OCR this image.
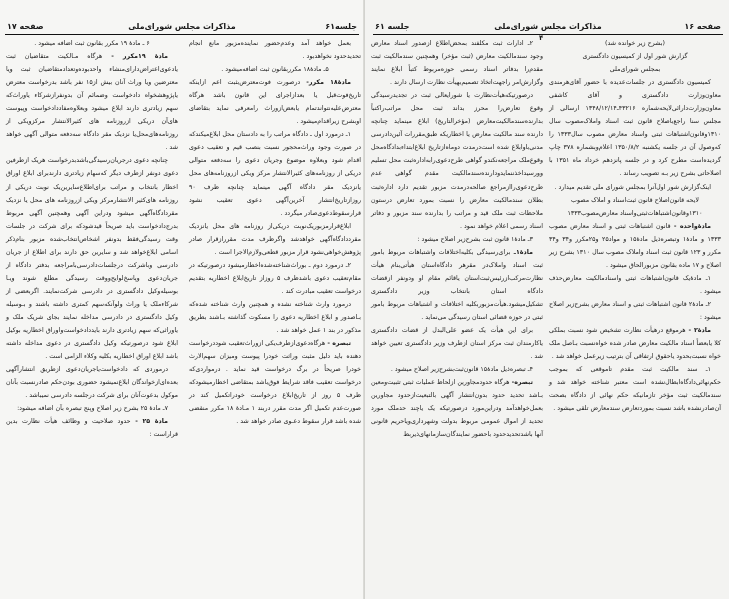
جلسه۶۱
مذاکرات مجلس شورای‌ملی
صفحه ۱۷

بعمل خواهد آمد وعدم‌حضور نماینده‌مزبور مانع انجام تحدیدحدود نخواهدبود .

۵ـ مادۀ۱۸ مکرربقانون ثبت اضافه‌میشود .

مادۀ۱۸ مکرر- درصورت فوت‌معترض‌بثبت اعم ازاینکه تاریخ‌فوت‌قبل یا بعدازاجرای این قانون باشد هرگاه معترض‌علیه‌نتواندتمام یابعض‌ازوراث رامعرفی نماید بتقاضای اوبشرح زیراقدام‌میشود .

۱ـ درمورد اول ـ دادگاه مراتب را به دادستان محل ابلاغ‌میکندکه در صورت وجود وراث‌محجور نسبت بنصب قیم و تعقیب دعوی اقدام شود وبعلاوه موضوع وجریان دعوی را سه‌دفعه متوالی دریکی از روزنامه‌های کثیرالانتشار مرکز ویکی ازروزنامه‌های محل یانزدیک مقر دادگاه آگهی مینماید چنانچه ظرف ۹۰ روزازتاریخ‌انتشار آخرین‌آگهی دعوی تعقیب نشود قرارسقوط‌دعوی‌صادر میگردد .

ابلاغ‌قرارمزبوریک‌نوبت دریکی‌از روزنامه های محل یانزدیک مقرددادگاه‌آگهی خواهدشد واگرظرف مدت مقرراز‌قرار صادر پژوهش‌خواهی‌نشود قرار مزبور قطعی‌ولازم‌الاجرا است .

۲ـ درمورد دوم ـ بوراث‌شناخته‌شده‌اخطارمیشود درصورتیکه در مقام‌تعقیب دعوی باشدظرف ۵ روزاز تاریخ‌ابلاغ اخطاریه بتقدیم درخواست تعقیب مبادرت کند .

درمورد وارث شناخته نشده و همچنین وارث شناخته شده‌که بـاصدور و ابلاغ اخطاریه دعوی را مسکوت گذاشته بـاشند بطریق مذکور در بند ۱ عمل خواهد شد .

تبصره - هرگاه‌دعوی‌ازطرف‌یکی ازوراث‌تعقیب شود‌درخواست دهنده باید دلیل مثبت وراثت خودرا پیوست ومیزان سهم‌الارث خودرا صریحاً در برگ درخواست قید نماید . درمواردی‌که درخواست تعقیب فاقد شرایط فوق‌باشد بمتقاضی اخطارمیشودکه ظرف ۵ روز از تاریخ‌ابلاغ درخواست خودراتکمیل کند در صورت‌عدم تکمیل اگر مدت مقرر دربند ۱ مـادۀ ۱۸ مکرر منقضی شده باشد قرار سقوط دعـوی صادر خواهد شد .

۶ ـ مادۀ ۱۹ مکرر بقانون ثبت اضافه میشود .

مادۀ ۱۹مکرر - هرگاه مـالکیت متقاضیان ثبت یادعوی‌اعتراض‌دارای‌منشاء واحدبوده‌وتعدادمتقاضیان ثبت ویا معترضین ویا وراث آنان بیش از۱۵ نفر باشد بدرخواست معترض یاپژوهشخواه دادخواست وضمائم آن بدونفرازشرکاء یاوراث‌که سهم زیادتری دارند ابلاغ میشود وبعلاوه‌مفاددادخواست وپیوست های‌آن دریکی ازروزنامه های کثیرالانتشار مرکزویکی از روزنامه‌های‌محل‌یا نزدیک مقر دادگاه سه‌دفعه متوالی آگهی خواهد شد .

چنانچه دعوی درجریان‌رسیدگی‌باشدبدرخواست هریک ازطرفین دعوی دونفر ازطرف دیگر که‌سهام زیادتری دارندبرای ابلاغ اوراق اخطار بانتخاب و مراتب برای‌اطلاع‌سایرین‌یک نوبت دریکی از روزنامه های‌کثیر الانتشارمرکز ویکی ازروزنامه های محل یا نزدیک مقردادگاه‌آگهی میشود ودراین آگهی وهمچنین آگهی مربوط بدرج‌دادخواست باید صریحاً قیدشودکه برای شرکت در جلسات وقت رسیدگی‌فقط بدونفر اشخاص‌انتخاب‌شده مزبور بنام‌ذکر اسامی ابلاغ‌خواهد شد و سایرین حق دارند برای اطلاع از جریان دادرسی وبا‌شرکت درجلسات‌دادرسی‌بامراجعه بدفتر دادگاه از جریان‌دعوی وپاسخ‌لوایح‌ووقت رسیدگی مطلع شوند ویـا بوسیله‌وکیل دادگستری در دادرسی شرکت‌نمایند. اگربعضی از شرکاءملک یا وراث ولوآنکه‌سهم کمتری داشته باشند و بـوسیله وکیل دادگستری در دادرسی مداخله نمایند بجای شریک ملک و یاوراثی‌که سهم زیادتری دارند بایددادخواست‌واوراق اخطاریه بوکیل ابلاغ شود درصورتیکه وکیل دادگستری در دعوی مداخله داشته باشد ابلاغ اوراق اخطاریه بکلیه وکلاء الزامی است .

درموردی که دادخواست‌یاجریان‌دعوی ازطریق انتشارآگهی بعده‌ای‌ازخواندگان ابلاغ‌نمیشود حضوری بودن‌حکم صادرنسبت بآنان موکول بدعوت‌آنان برای شرکت درجلسه دادرسی نمیباشد .

۷ـ مادۀ ۲۵ بشرح زیر اصلاح وپنج تبصره بآن اضافه میشود:

مادۀ ۲۵ - حدود صلاحیت و وظائف هیأت نظارت بدین قراراست :

صفحه ۱۶
مذاکرات مجلس شورای‌ملی
جلسه ۶۱
۴

(بشرح زیر خوانده شد)

گزارش شور اول از کمیسیون دادگستری

بمجلس شورای‌ملی

کمیسیون دادگستری در جلسات‌عدیده با حضور آقای‌هرمندی معاون‌وزارت دادگستری و آقای کاشفی معاون‌وزارت‌دارائی‌لایحه‌شماره ۴۳۲۱۶ـ۱۳۴۸/۱۲/۱۴ ارسالی از مجلس سنا راجع‌باصلاح قانون ثبت اسناد واملاک‌مصوب سال ۱۳۱۰وقانون‌اشتباهات ثبتی واسناد معارض مصوب سال۱۳۳۳ را که‌وصول آن در جلسه یکشنبه ۱۳۵۰/۸/۲ اعلام‌وبشماره ۳۷۸ چاپ گردیده‌است مطرح کرد و در جلسه پانزدهم خرداد ماه ۱۳۵۱ با اصلاحاتی بشرح زیر بـه تصویب رساند .

اینک‌گزارش شور اول‌آنرا بمجلس شورای ملی تقدیم میدارد .

لایحه قانون‌اصلاح قانون ثبت‌اسناد و املاک مصوب ۱۳۱۰وقانون‌اشتباهات‌ثبتی‌واسناد معارض‌مصوب۱۳۳۳

مادۀواحده - قانون اشتباهات ثبتی و اسناد معارض مصوب ۱۳۳۳ و مادۀ۱ وتبصره‌ذیل مادۀ۱۵ و مواد۲۵ و۲۵مکرر و۳۴ و۳۴ مکرر و ۱۲۳ قانون ثبت اسناد واملاک مصوب سال ۱۳۱۰ بشرح زیر اصلاح و ۱۷ ماده بقانون مزبورالحاق میشود .

۱ـ مادۀیک قانون‌اشتباهات ثبتی واسنادمالکیت معارض‌حذف میشود .

۲ـ مادۀ۲ قانون اشتباهات ثبتی و اسناد معارض بشرح‌زیر اصلاح میشود :

مادۀ۲ - هرموقع درهیأت نظارت تشخیص شود نسبت بملکی کلا یابعضاً اسناد مالکیت معارض صادر شده خواه‌نسبت بـاصل ملک خواه نسبت‌بحدود یاحقوق ارتفاقی آن بترتیب زیرعمل خواهد شد .

۱ـ سند مالکیت ثبت مقدم تاموقعی که بموجب حکم‌نهائی‌دادگاه‌ابطال‌نشده است معتبر شناخته خواهد شد و سندمالکیت ثبت مؤخر تازمانیکه حکم نهائی از دادگاه بصحت آن‌صادرنشده باشد نسبت بمورد‌تعارض سندمعارض تلقی میشود .

۲ـ ادارات ثبت مکلفند بمحض‌اطلاع ازصدور اسناد معارض وجود سندمالکیت معارض (ثبت مؤخر) وهمچنین سندمالکیت ثبت مقدم‌را بدفاتر اسناد رسمی حوزه‌مربوط کتباً ابلاغ نمایند وگزارش‌امر راجهت‌اتخاذ تصمیم‌بهیأت نظارت ارسال دارند .

درصورتیکه‌هیأت‌نظارت یا شورایعالی ثبت در تجدید‌رسیدگی وقوع تعارض‌را محرز بداند ثبت محل مراتب‌راکتباً بدارنده‌سندمالکیت‌معارض (مؤخرالتاریخ) ابلاغ مینماید چنانچه دارنده سند مالکیت معارض یا اخطاریکه طبق‌مقررات آئین‌دادرسی مدنی‌باو‌ابلاغ شده است‌درمدت دوماه‌ازتاریخ ابلاغ‌ابتداءبدادگاه‌محل وقوع‌ملک مراجعه‌نکندو گواهی طرح‌دعوی‌رابه‌اداره‌ثبت محل تسلیم وورسیداخذ‌ننماید‌ودارنده‌سندمالکیت مقدم گواهی عدم طرح‌دعوی‌راازمراجع صالحه‌درمدت مزبور تقدیم دارد اداره‌ثبت بطلان سندمالکیت معارض را نسبت بمورد تعارض درستون ملاحظات ثبت ملک قید و مراتب را بدارنده سند مزبور و دفاتر اسناد رسمی اعلام خواهد نمود .

۳ـ مادۀ۱ قانون ثبت بشرح‌زیر اصلاح میشود :

مادۀ۱ـ برای‌رسیدگی بکلیه‌اختلافات واشتباهات مربوط بامور ثبت اسناد واملاک‌در مقرهر دادگاه‌استان هیأتی‌بنام هیأت نظارت‌مرکب‌ازرئیس‌ثبت‌استان یاقائم مقام او ودونفر ازقضات دادگاه استان بانتخاب وزیر دادگستری تشکیل‌میشود.هیأت‌مزبوربکلیه اختلافات و اشتباهات مربوط بامور ثبتی در حوزه قضائی استان رسیدگی می‌نماید .

برای این هیأت یک عضو علی‌البدل از قضات دادگستری یاکارمندان ثبت مرکز استان ازطرف وزیر دادگستری تعیین خواهد شد .

۴ـ تبصره‌ذیل مادۀ۱۵ قانون‌ثبت‌بشرح‌زیر اصلاح میشود .

تبصره- هرگاه حدودمجاورین ازلحاظ عملیات ثبتی تثبیت‌ومعین بـاشد تحدید حدود بدون‌انتشار آگهی بالتبعیت‌ازحدود مجاورین بعمل‌خواهدآمد ودراین‌مورد درصورتیکه یک یاچند حدملک مورد تحدید از اموال عمومی مربوط بدولت وشهرداری‌ویاحریم قانونی آنها باشدتحدیدحدود باحضور نمایندگان‌سازمانهای‌ذیربط
